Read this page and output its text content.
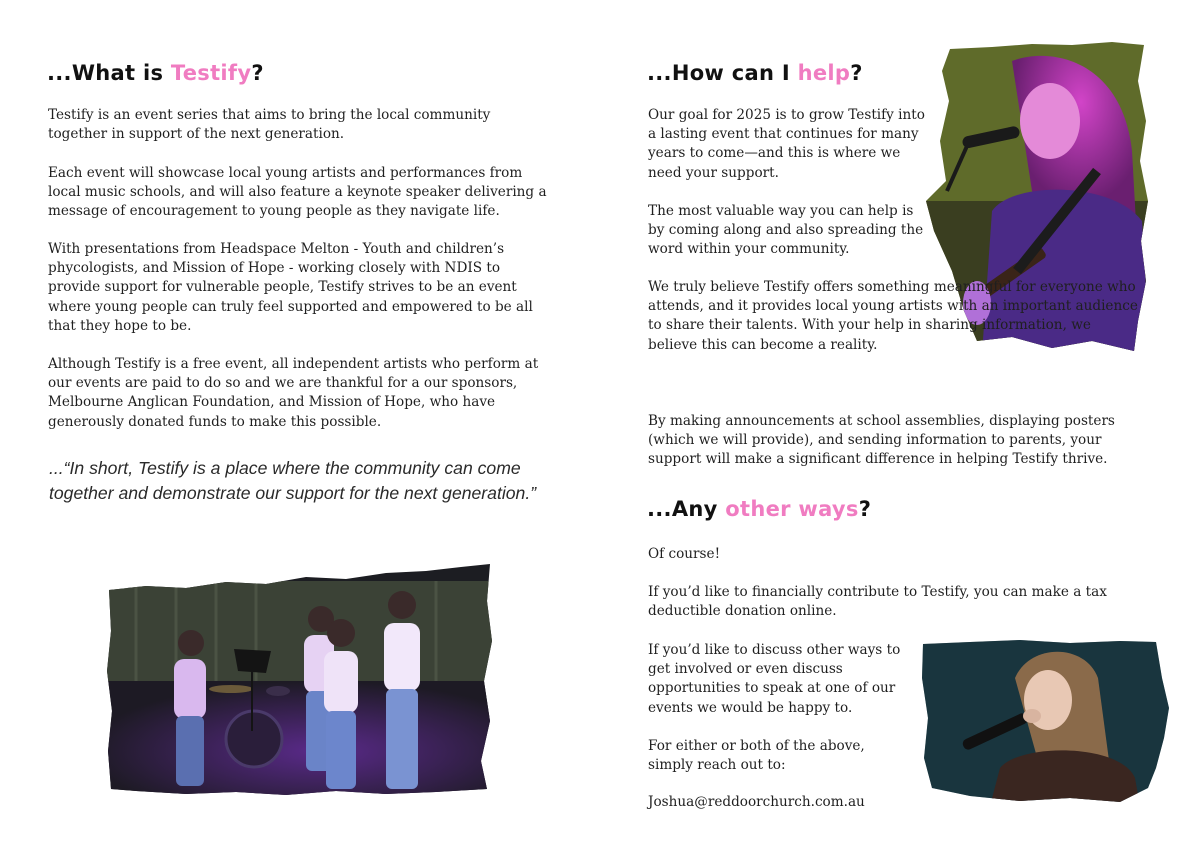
...What is Testify?

Testify is an event series that aims to bring the local community together in support of the next generation.

Each event will showcase local young artists and performances from local music schools, and will also feature a keynote speaker delivering a message of encouragement to young people as they navigate life.

With presentations from Headspace Melton - Youth and children’s phycologists, and Mission of Hope - working closely with NDIS to provide support for vulnerable people, Testify strives to be an event where young people can truly feel supported and empowered to be all that they hope to be.

Although Testify is a free event, all independent artists who perform at our events are paid to do so and we are thankful for a our sponsors, Melbourne Anglican Foundation, and Mission of Hope, who have generously donated funds to make this possible.

...“In short, Testify is a place where the community can come together and demonstrate our support for the next generation.”

...How can I help?

Our goal for 2025 is to grow Testify into a lasting event that continues for many years to come—and this is where we need your support.

The most valuable way you can help is by coming along and also spreading the word within your community.

We truly believe Testify offers something meaningful for everyone who attends, and it provides local young artists with an important audience to share their talents. With your help in sharing information, we believe this can become a reality.

By making announcements at school assemblies, displaying posters (which we will provide), and sending information to parents, your support will make a significant difference in helping Testify thrive.

...Any other ways?

Of course!

If you’d like to financially contribute to Testify, you can make a tax deductible donation online.

If you’d like to discuss other ways to get involved or even discuss opportunities to speak at one of our events we would be happy to.

For either or both of the above, simply reach out to:

Joshua@reddoorchurch.com.au
